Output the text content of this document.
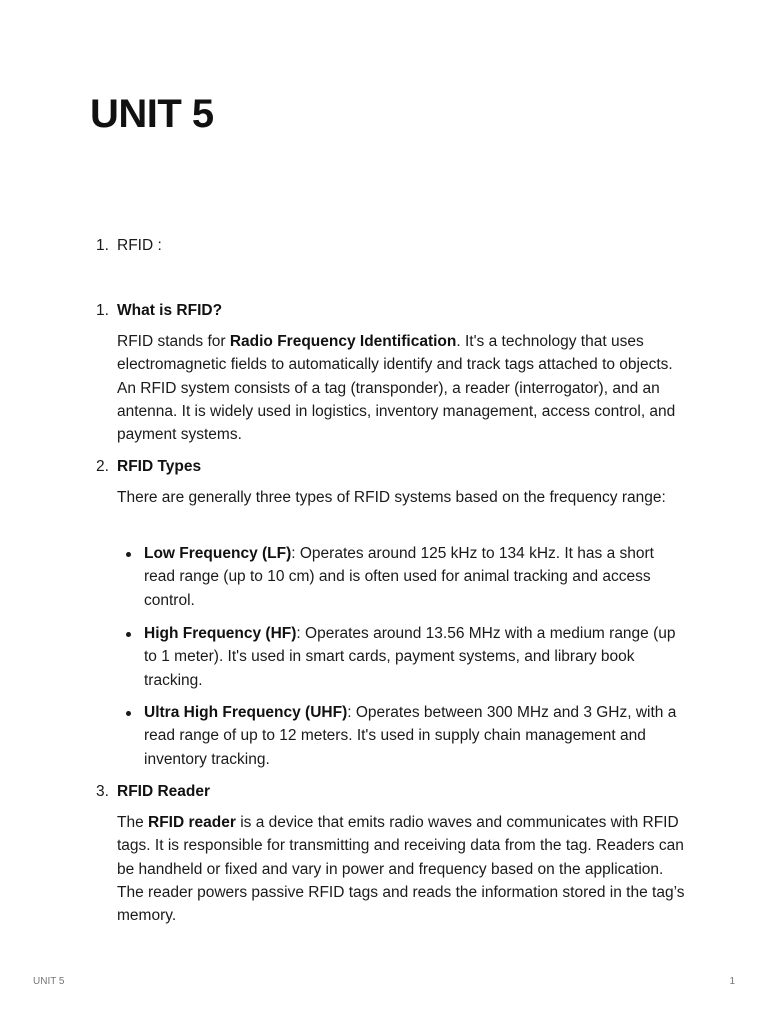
UNIT 5
1. RFID :
1. What is RFID?

RFID stands for Radio Frequency Identification. It's a technology that uses electromagnetic fields to automatically identify and track tags attached to objects. An RFID system consists of a tag (transponder), a reader (interrogator), and an antenna. It is widely used in logistics, inventory management, access control, and payment systems.

2. RFID Types

There are generally three types of RFID systems based on the frequency range:

Low Frequency (LF): Operates around 125 kHz to 134 kHz. It has a short read range (up to 10 cm) and is often used for animal tracking and access control.
High Frequency (HF): Operates around 13.56 MHz with a medium range (up to 1 meter). It's used in smart cards, payment systems, and library book tracking.
Ultra High Frequency (UHF): Operates between 300 MHz and 3 GHz, with a read range of up to 12 meters. It's used in supply chain management and inventory tracking.
3. RFID Reader

The RFID reader is a device that emits radio waves and communicates with RFID tags. It is responsible for transmitting and receiving data from the tag. Readers can be handheld or fixed and vary in power and frequency based on the application. The reader powers passive RFID tags and reads the information stored in the tag’s memory.

UNIT 5	1
